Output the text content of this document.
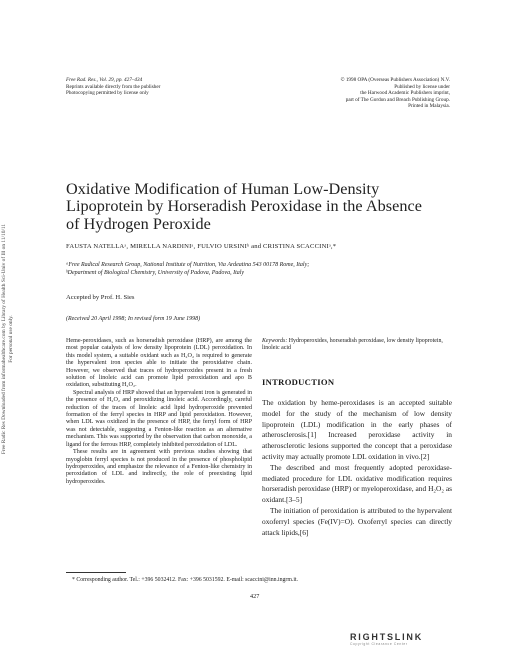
Free Radic Res Downloaded from informahealthcare.com by Library of Health Sci-Univ of Ill on 11/10/11 For personal use only.
Free Rad. Res., Vol. 29, pp. 427–434
Reprints available directly from the publisher
Photocopying permitted by license only
© 1998 OPA (Overseas Publishers Association) N.V.
Published by license under
the Harwood Academic Publishers imprint,
part of The Gordon and Breach Publishing Group.
Printed in Malaysia.
Oxidative Modification of Human Low-Density
Lipoprotein by Horseradish Peroxidase in the Absence
of Hydrogen Peroxide
FAUSTA NATELLAᵃ, MIRELLA NARDINIᵃ, FULVIO URSINIᵇ and CRISTINA SCACCINIᵃ,*
ᵃFree Radical Research Group, National Institute of Nutrition, Via Ardeatina 543 00178 Rome, Italy;
ᵇDepartment of Biological Chemistry, University of Padova, Padova, Italy
Accepted by Prof. H. Sies
(Received 20 April 1998; In revised form 19 June 1998)

Heme-peroxidases, such as horseradish peroxidase (HRP), are among the most popular catalysts of low density lipoprotein (LDL) peroxidation. In this model system, a suitable oxidant such as H₂O₂ is required to generate the hypervalent iron species able to initiate the peroxidative chain. However, we observed that traces of hydroperoxides present in a fresh solution of linoleic acid can promote lipid peroxidation and apo B oxidation, substituting H₂O₂.

Spectral analysis of HRP showed that an hypervalent iron is generated in the presence of H₂O₂ and peroxidizing linoleic acid. Accordingly, careful reduction of the traces of linoleic acid lipid hydroperoxide prevented formation of the ferryl species in HRP and lipid peroxidation. However, when LDL was oxidized in the presence of HRP, the ferryl form of HRP was not detectable, suggesting a Fenton-like reaction as an alternative mechanism. This was supported by the observation that carbon monoxide, a ligand for the ferrous HRP, completely inhibited peroxidation of LDL.

These results are in agreement with previous studies showing that myoglobin ferryl species is not produced in the presence of phospholipid hydroperoxides, and emphasize the relevance of a Fenton-like chemistry in peroxidation of LDL and indirectly, the role of preexisting lipid hydroperoxides.

Keywords: Hydroperoxides, horseradish peroxidase, low density lipoprotein, linoleic acid
INTRODUCTION

The oxidation by heme-peroxidases is an accepted suitable model for the study of the mechanism of low density lipoprotein (LDL) modification in the early phases of atherosclerosis.[1] Increased peroxidase activity in atherosclerotic lesions supported the concept that a peroxidase activity may actually promote LDL oxidation in vivo.[2]

The described and most frequently adopted peroxidase-mediated procedure for LDL oxidative modification requires horseradish peroxidase (HRP) or myeloperoxidase, and H₂O₂ as oxidant.[3–5]

The initiation of peroxidation is attributed to the hypervalent oxoferryl species (Fe(IV)=O). Oxoferryl species can directly attack lipids,[6]

* Corresponding author. Tel.: +396 5032412. Fax: +396 5031592. E-mail: scaccini@inn.ingrm.it.
427
RIGHTSLINK
Copyright Clearance Center
